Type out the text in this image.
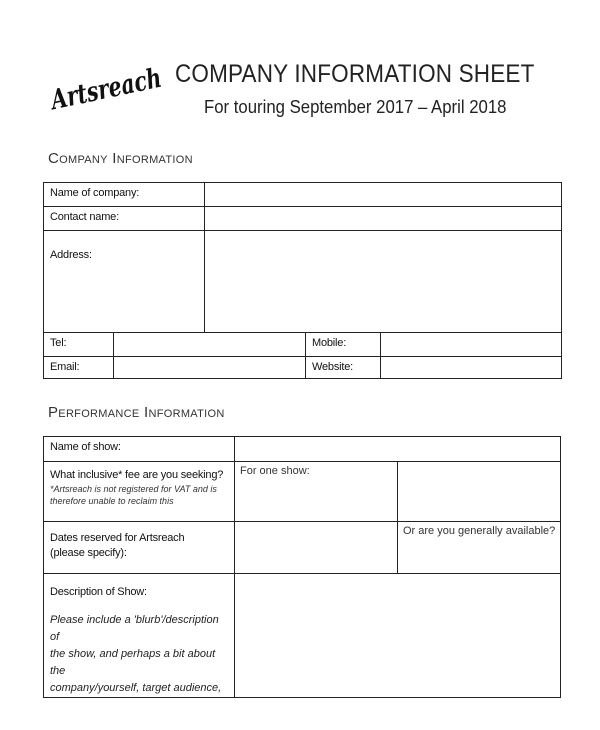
Artsreach
COMPANY INFORMATION SHEET
For touring September 2017 – April 2018
Company Information
Name of company:				

Contact name:				

Address:				

Tel:			Mobile:	

Email:			Website:	

Performance Information
Name of show:		

What inclusive* fee are you seeking?
*Artsreach is not registered for VAT and is therefore unable to reclaim this	For one show:	

Dates reserved for Artsreach
(please specify):		Or are you generally available?

Description of Show:
Please include a 'blurb'/description of
the show, and perhaps a bit about the
company/yourself, target audience,		
